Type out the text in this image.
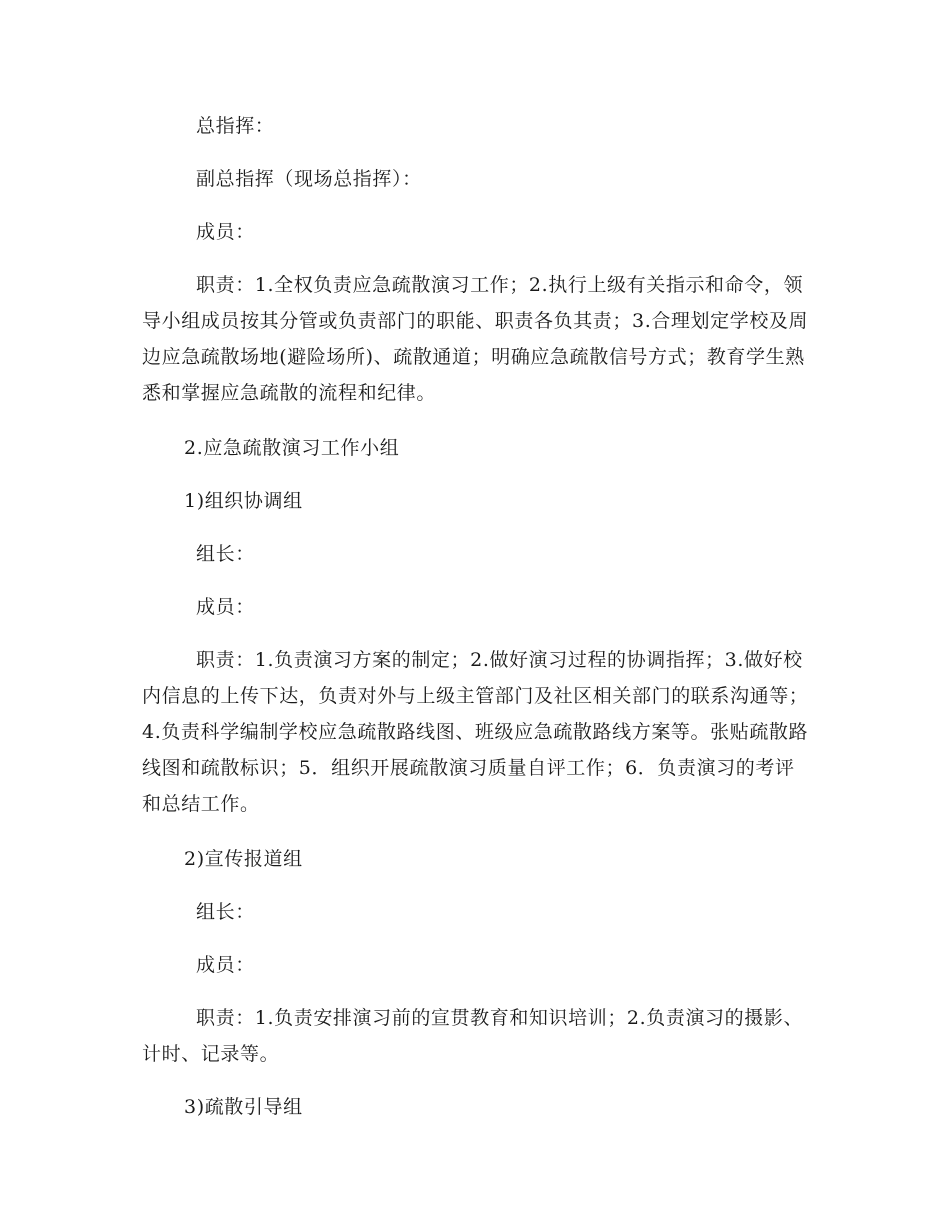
总指挥：

副总指挥（现场总指挥）：

成员：

职责：1.全权负责应急疏散演习工作；2.执行上级有关指示和命令，领导小组成员按其分管或负责部门的职能、职责各负其责；3.合理划定学校及周边应急疏散场地(避险场所)、疏散通道；明确应急疏散信号方式；教育学生熟悉和掌握应急疏散的流程和纪律。

2.应急疏散演习工作小组

1)组织协调组

组长：

成员：

职责：1.负责演习方案的制定；2.做好演习过程的协调指挥；3.做好校内信息的上传下达，负责对外与上级主管部门及社区相关部门的联系沟通等；4.负责科学编制学校应急疏散路线图、班级应急疏散路线方案等。张贴疏散路线图和疏散标识；5．组织开展疏散演习质量自评工作；6．负责演习的考评和总结工作。

2)宣传报道组

组长：

成员：

职责：1.负责安排演习前的宣贯教育和知识培训；2.负责演习的摄影、计时、记录等。

3)疏散引导组
